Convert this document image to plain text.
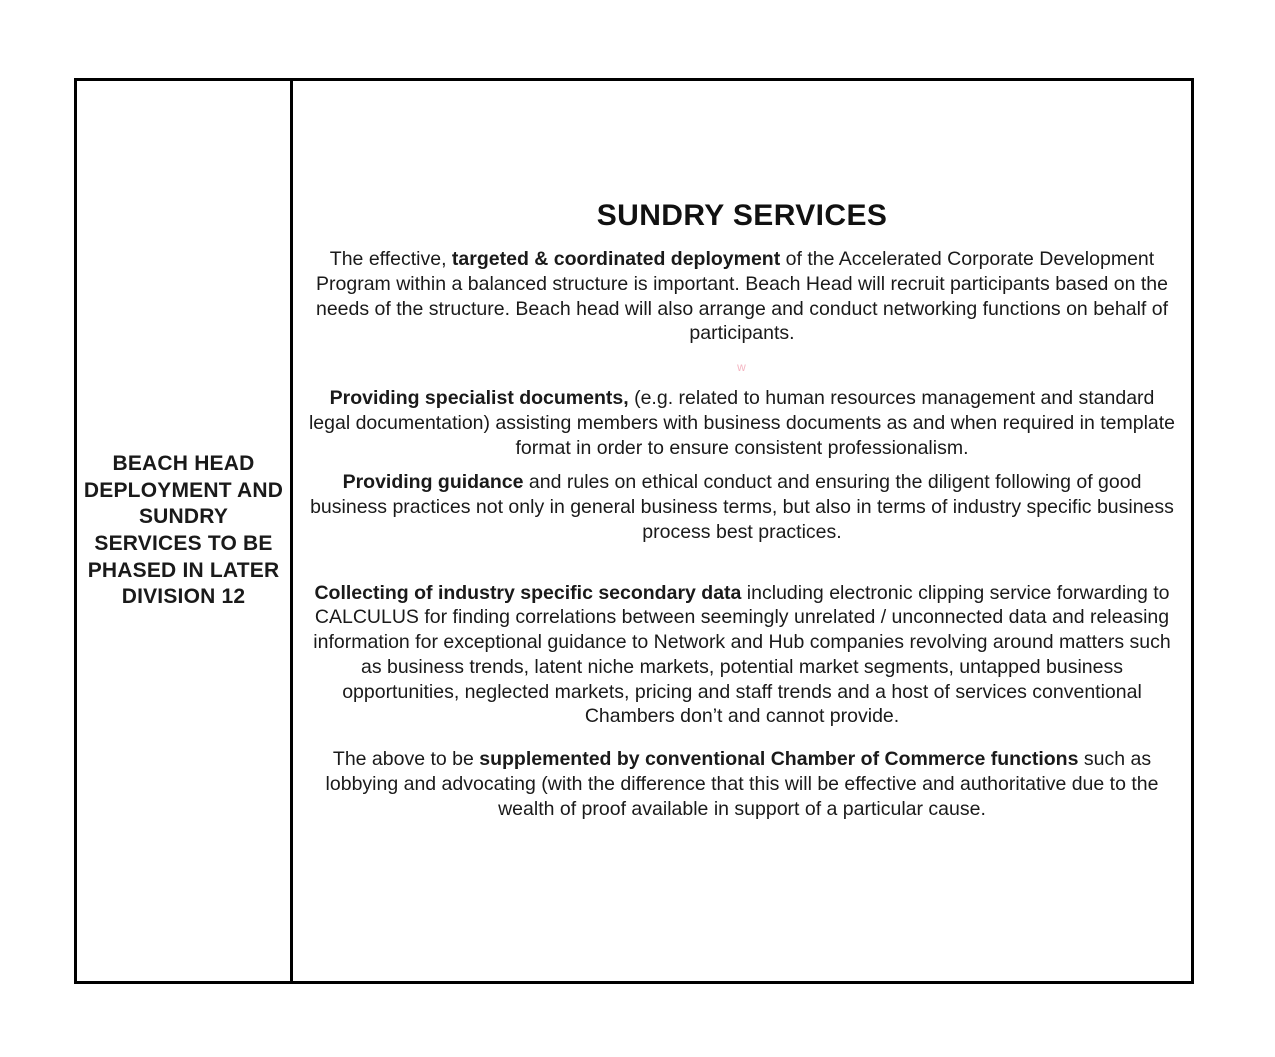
BEACH HEAD DEPLOYMENT AND SUNDRY SERVICES TO BE PHASED IN LATER DIVISION 12
SUNDRY SERVICES
The effective, targeted & coordinated deployment of the Accelerated Corporate Development Program within a balanced structure is important. Beach Head will recruit participants based on the needs of the structure. Beach head will also arrange and conduct networking functions on behalf of participants.
w
Providing specialist documents, (e.g. related to human resources management and standard legal documentation) assisting members with business documents as and when required in template format in order to ensure consistent professionalism.
Providing guidance and rules on ethical conduct and ensuring the diligent following of good business practices not only in general business terms, but also in terms of industry specific business process best practices.
Collecting of industry specific secondary data including electronic clipping service forwarding to CALCULUS for finding correlations between seemingly unrelated / unconnected data and releasing information for exceptional guidance to Network and Hub companies revolving around matters such as business trends, latent niche markets, potential market segments, untapped business opportunities, neglected markets, pricing and staff trends and a host of services conventional Chambers don’t and cannot provide.
The above to be supplemented by conventional Chamber of Commerce functions such as lobbying and advocating (with the difference that this will be effective and authoritative due to the wealth of proof available in support of a particular cause.
